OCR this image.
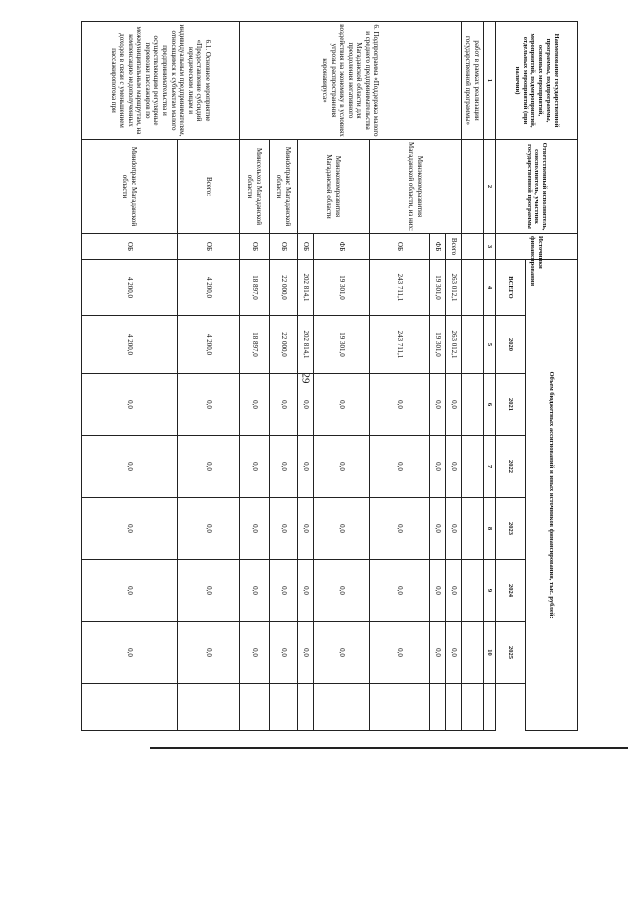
29
Наименование государственной программы, подпрограммы, основных мероприятий, мероприятий, подмероприятий, отдельных мероприятий (при наличии)	Ответственный исполнитель, соисполнитель, участник государственной программы	Источники финансирования	Объем бюджетных ассигнований и иных источников финансирования, тыс. рублей:							
			ВСЕГО	2020	2021	2022	2023	2024	2025	
1	2	3	4	5	6	7	8	9	10	
работ в рамках реализации государственной программы»										
6. Подпрограмма «Поддержка малого и среднего предпринимательства Магаданской области для преодоления негативного воздействия на экономику в условиях угрозы распространения коронавируса»	Минэкономразвития Магаданской области, из них:	Всего	263 012,1	263 012,1	0,0	0,0	0,0	0,0	0,0	
		ФБ	19 301,0	19 301,0	0,0	0,0	0,0	0,0	0,0	
		ОБ	243 711,1	243 711,1	0,0	0,0	0,0	0,0	0,0	
	Минэкономразвития Магаданской области	ФБ	19 301,0	19 301,0	0,0	0,0	0,0	0,0	0,0	
		ОБ	202 814,1	202 814,1	0,0	0,0	0,0	0,0	0,0	
	Минdortранс Магаданской области	ОБ	22 000,0	22 000,0	0,0	0,0	0,0	0,0	0,0	
	Минсельхоз Магаданской области	ОБ	18 897,0	18 897,0	0,0	0,0	0,0	0,0	0,0	
6.1. Основное мероприятие «Предоставление субсидий юридическим лицам и индивидуальным предпринимателям, относящимся к субъектам малого предпринимательства и осуществляющим регулярные перевозки пассажиров по межмуниципальным маршрутам, на компенсацию недополученных доходов в связи с уменьшением пассажиропотока при	Всего:	ОБ	4 200,0	4 200,0	0,0	0,0	0,0	0,0	0,0	
	Минdortранс Магаданской области	ОБ	4 200,0	4 200,0	0,0	0,0	0,0	0,0	0,0	
